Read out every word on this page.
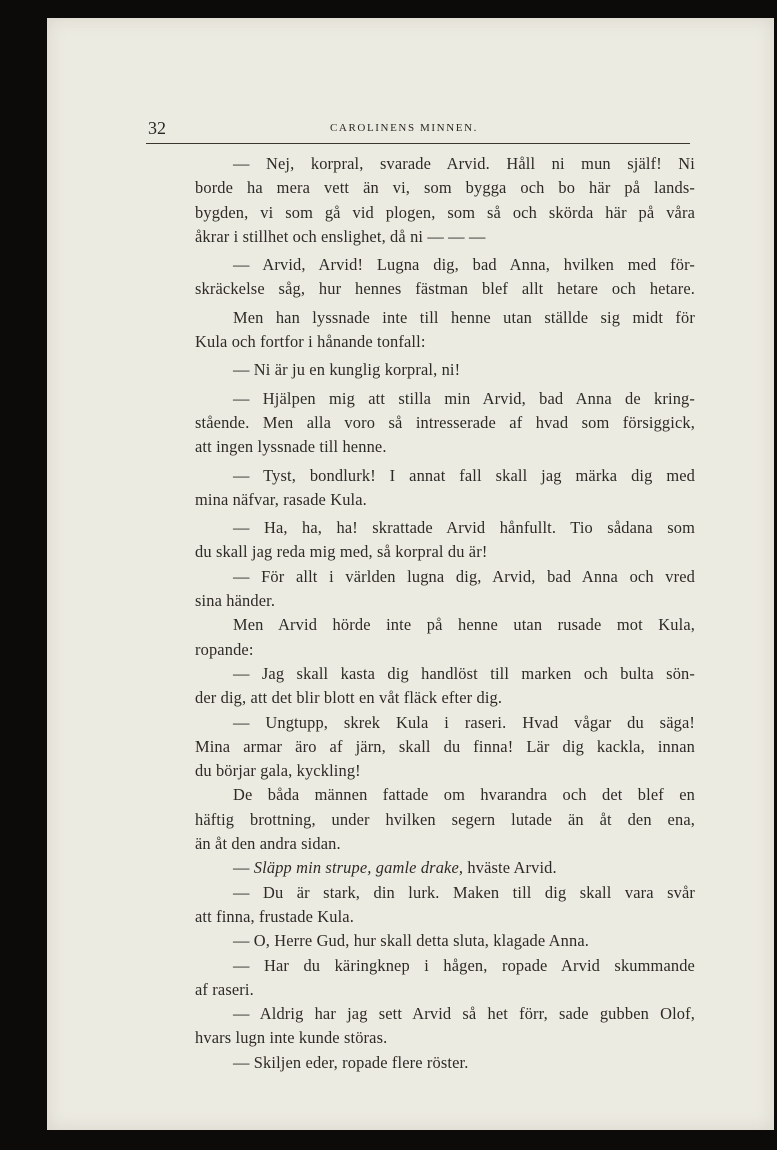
32	CAROLINENS MINNEN.
— Nej, korpral, svarade Arvid. Håll ni mun själf! Ni
borde ha mera vett än vi, som bygga och bo här på lands-
bygden, vi som gå vid plogen, som så och skörda här på våra
åkrar i stillhet och enslighet, då ni — — —
— Arvid, Arvid! Lugna dig, bad Anna, hvilken med för-
skräckelse såg, hur hennes fästman blef allt hetare och hetare.
Men han lyssnade inte till henne utan ställde sig midt för
Kula och fortfor i hånande tonfall:
— Ni är ju en kunglig korpral, ni!
— Hjälpen mig att stilla min Arvid, bad Anna de kring-
stående. Men alla voro så intresserade af hvad som försiggick,
att ingen lyssnade till henne.
— Tyst, bondlurk! I annat fall skall jag märka dig med
mina näfvar, rasade Kula.
— Ha, ha, ha! skrattade Arvid hånfullt. Tio sådana som
du skall jag reda mig med, så korpral du är!
— För allt i världen lugna dig, Arvid, bad Anna och vred
sina händer.
Men Arvid hörde inte på henne utan rusade mot Kula,
ropande:
— Jag skall kasta dig handlöst till marken och bulta sön-
der dig, att det blir blott en våt fläck efter dig.
— Ungtupp, skrek Kula i raseri. Hvad vågar du säga!
Mina armar äro af järn, skall du finna! Lär dig kackla, innan
du börjar gala, kyckling!
De båda männen fattade om hvarandra och det blef en
häftig brottning, under hvilken segern lutade än åt den ena,
än åt den andra sidan.
— Släpp min strupe, gamle drake, hväste Arvid.
— Du är stark, din lurk. Maken till dig skall vara svår
att finna, frustade Kula.
— O, Herre Gud, hur skall detta sluta, klagade Anna.
— Har du käringknep i hågen, ropade Arvid skummande
af raseri.
— Aldrig har jag sett Arvid så het förr, sade gubben Olof,
hvars lugn inte kunde störas.
— Skiljen eder, ropade flere röster.
